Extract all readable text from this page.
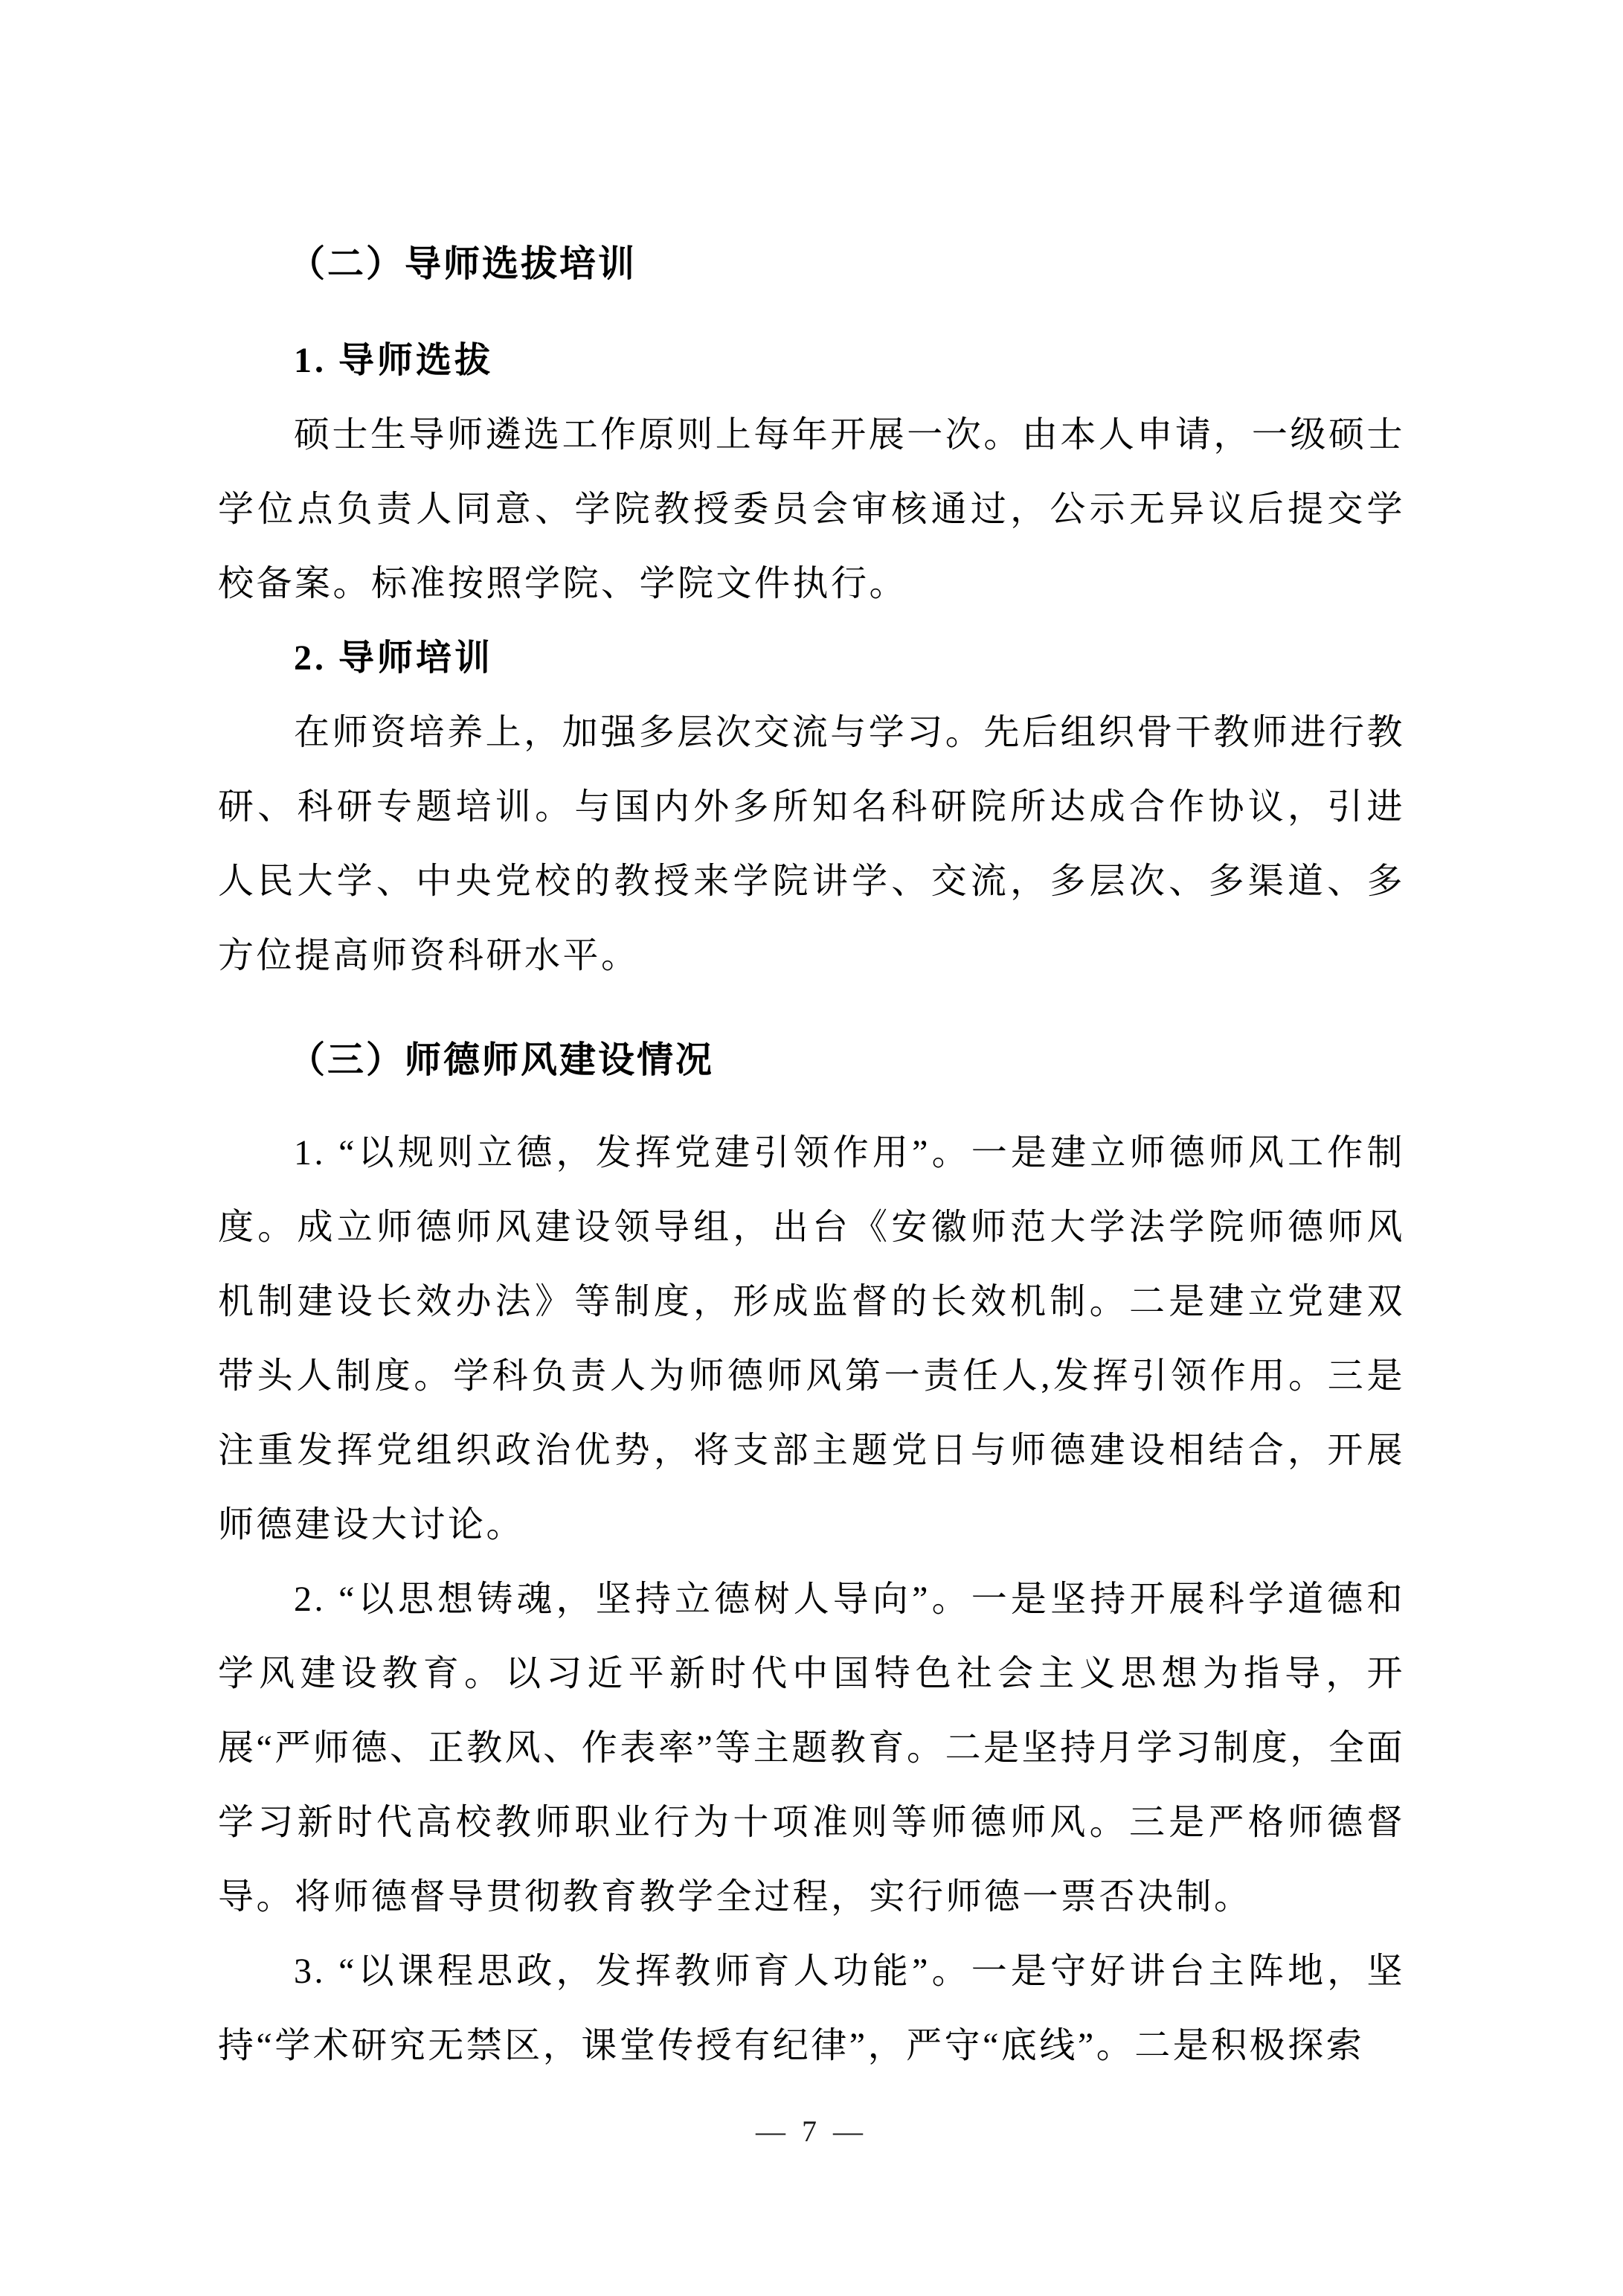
（二）导师选拔培训

1. 导师选拔

硕士生导师遴选工作原则上每年开展一次。由本人申请，一级硕士学位点负责人同意、学院教授委员会审核通过，公示无异议后提交学校备案。标准按照学院、学院文件执行。

2. 导师培训

在师资培养上，加强多层次交流与学习。先后组织骨干教师进行教研、科研专题培训。与国内外多所知名科研院所达成合作协议，引进人民大学、中央党校的教授来学院讲学、交流，多层次、多渠道、多方位提高师资科研水平。

（三）师德师风建设情况

1. “以规则立德，发挥党建引领作用”。一是建立师德师风工作制度。成立师德师风建设领导组，出台《安徽师范大学法学院师德师风机制建设长效办法》等制度，形成监督的长效机制。二是建立党建双带头人制度。学科负责人为师德师风第一责任人,发挥引领作用。三是注重发挥党组织政治优势，将支部主题党日与师德建设相结合，开展师德建设大讨论。

2. “以思想铸魂，坚持立德树人导向”。一是坚持开展科学道德和学风建设教育。以习近平新时代中国特色社会主义思想为指导，开展“严师德、正教风、作表率”等主题教育。二是坚持月学习制度，全面学习新时代高校教师职业行为十项准则等师德师风。三是严格师德督导。将师德督导贯彻教育教学全过程，实行师德一票否决制。

3. “以课程思政，发挥教师育人功能”。一是守好讲台主阵地，坚持“学术研究无禁区，课堂传授有纪律”，严守“底线”。二是积极探索

— 7 —
